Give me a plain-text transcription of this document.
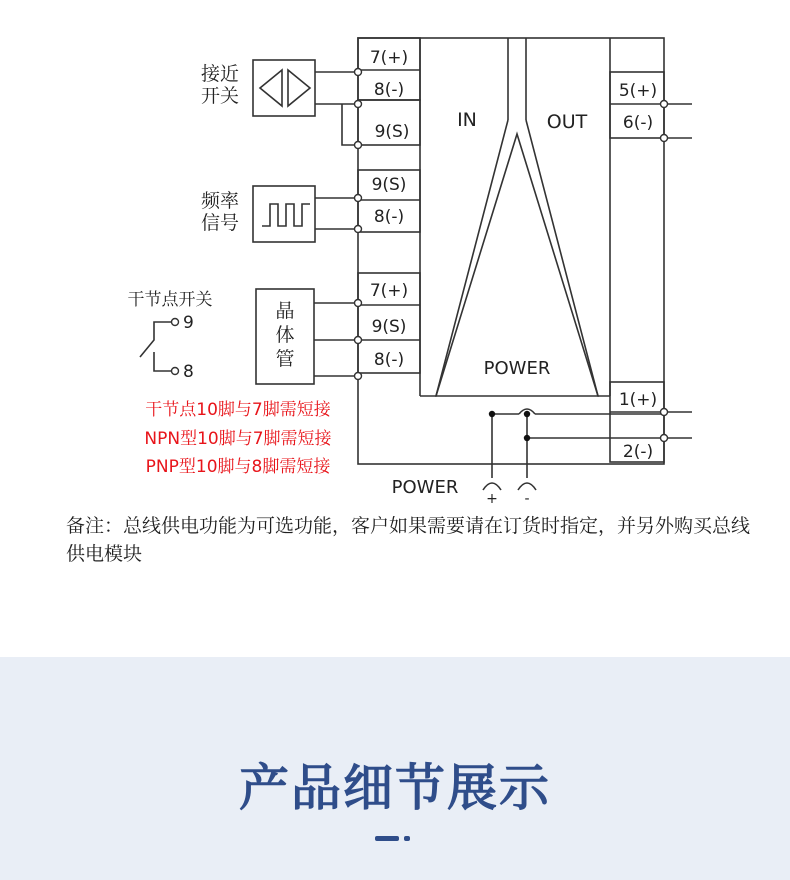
7(+)
8(-)
9(S)
9(S)
8(-)
7(+)
9(S)
8(-)
5(+)
6(-)
1(+)
2(-)
IN	OUT
POWER
POWER
+ -
接近开关
频率信号
晶体管
干节点开关
9
8
干节点10脚与7脚需短接
NPN型10脚与7脚需短接
PNP型10脚与8脚需短接
备注：总线供电功能为可选功能，客户如果需要请在订货时指定，并另外购买总线供电模块
产品细节展示
